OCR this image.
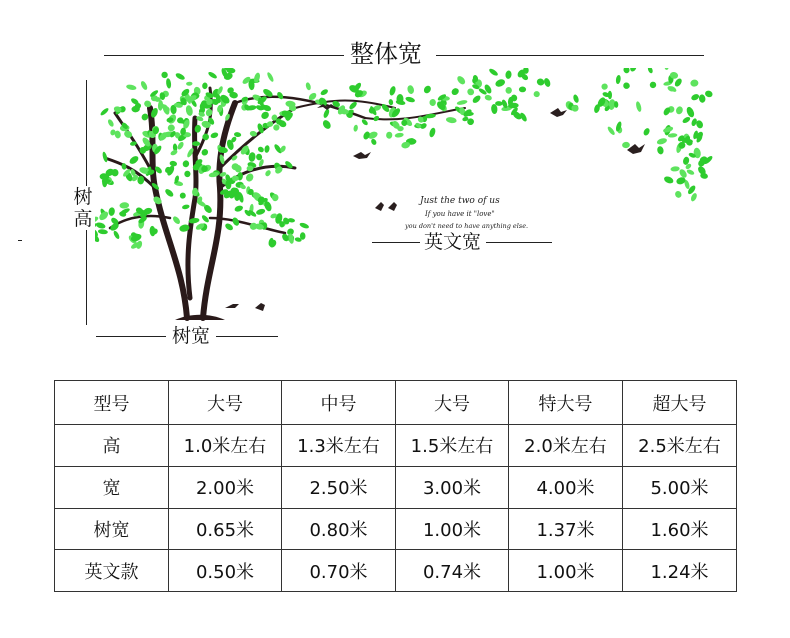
整体宽
树
高
Just the two of us
If you have it "love"
you don't need to have anything else.
英文宽
树宽
型号	大号	中号	大号	特大号	超大号
高	1.0米左右	1.3米左右	1.5米左右	2.0米左右	2.5米左右
宽	2.00米	2.50米	3.00米	4.00米	5.00米
树宽	0.65米	0.80米	1.00米	1.37米	1.60米
英文款	0.50米	0.70米	0.74米	1.00米	1.24米
